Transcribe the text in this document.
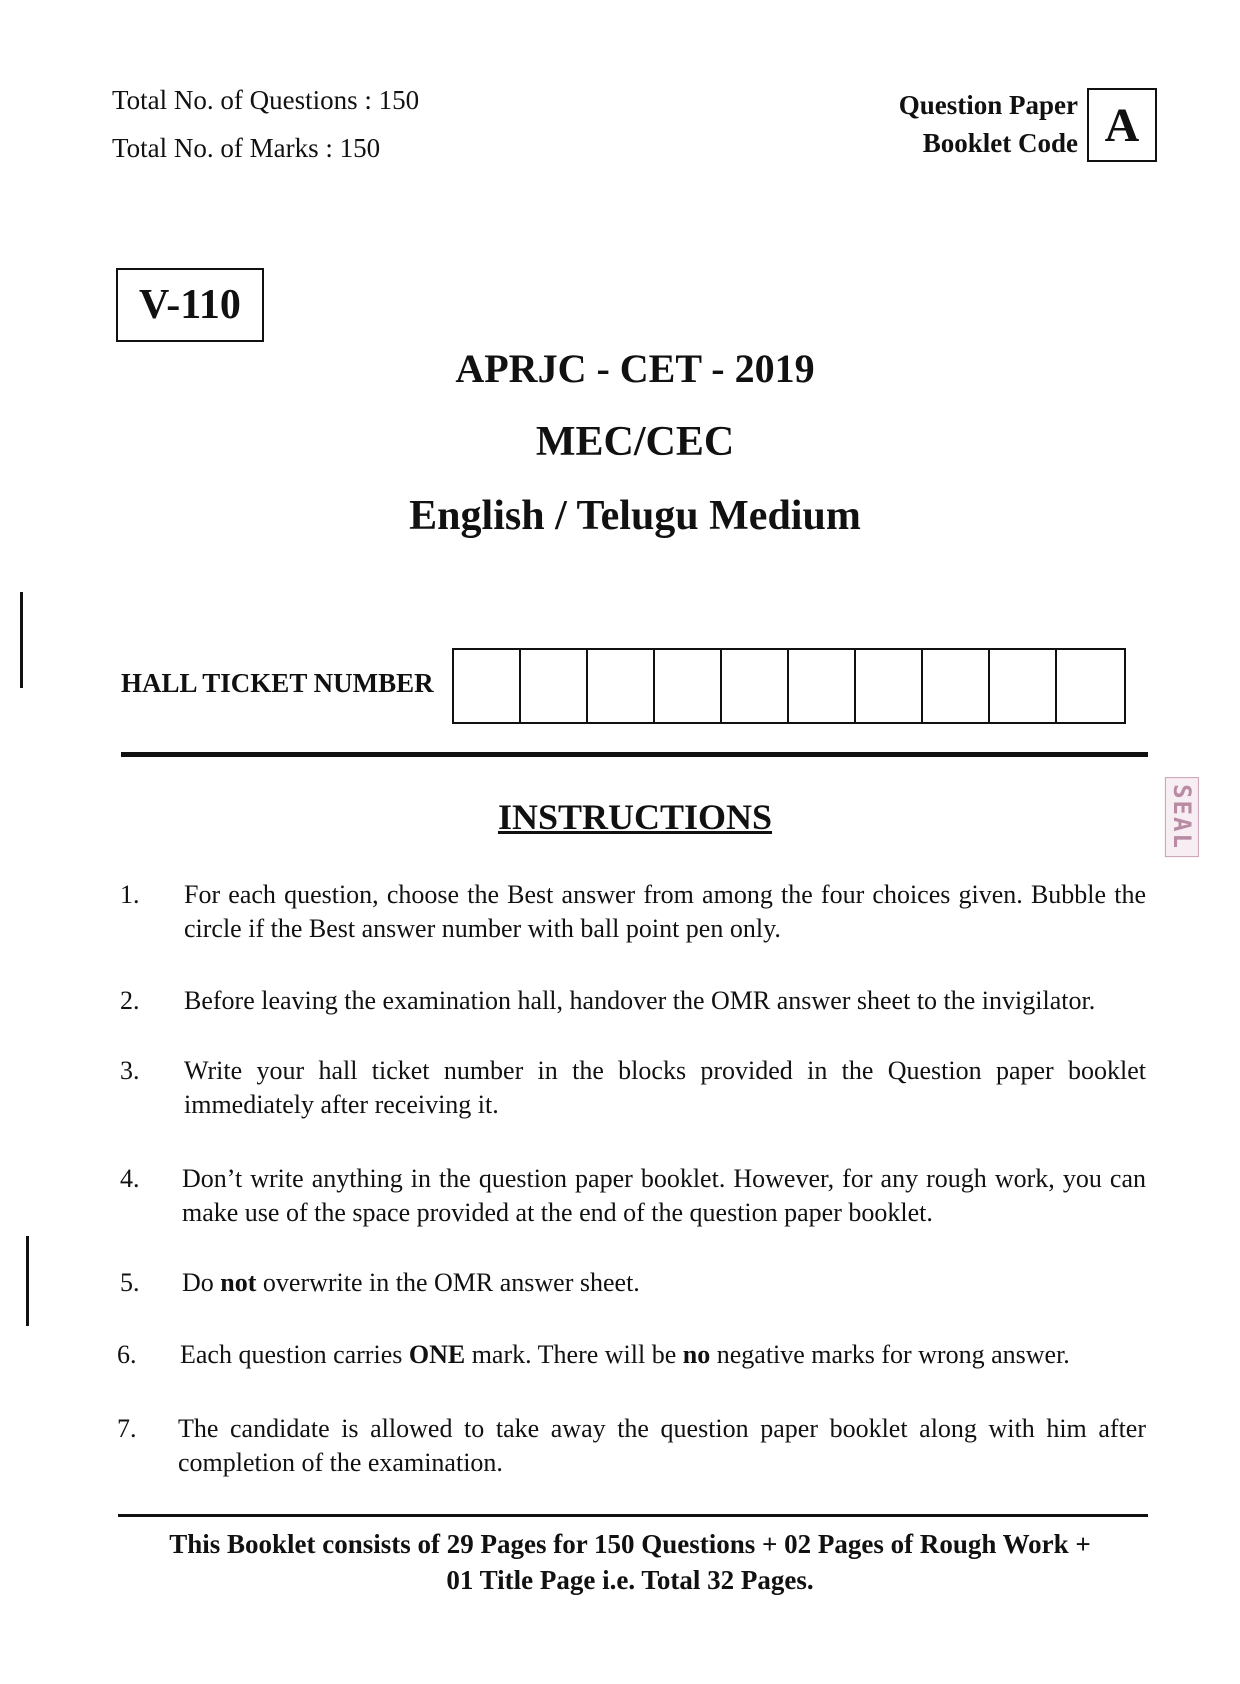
Total No. of Questions : 150
Total No. of Marks : 150
Question Paper
Booklet Code A
V-110
APRJC - CET - 2019
MEC/CEC
English / Telugu Medium
HALL TICKET NUMBER
SEAL
INSTRUCTIONS
1. For each question, choose the Best answer from among the four choices given. Bubble the circle if the Best answer number with ball point pen only.
2. Before leaving the examination hall, handover the OMR answer sheet to the invigilator.
3. Write your hall ticket number in the blocks provided in the Question paper booklet immediately after receiving it.
4. Don’t write anything in the question paper booklet. However, for any rough work, you can make use of the space provided at the end of the question paper booklet.
5. Do not overwrite in the OMR answer sheet.
6. Each question carries ONE mark. There will be no negative marks for wrong answer.
7. The candidate is allowed to take away the question paper booklet along with him after completion of the examination.
This Booklet consists of 29 Pages for 150 Questions + 02 Pages of Rough Work +
01 Title Page i.e. Total 32 Pages.
